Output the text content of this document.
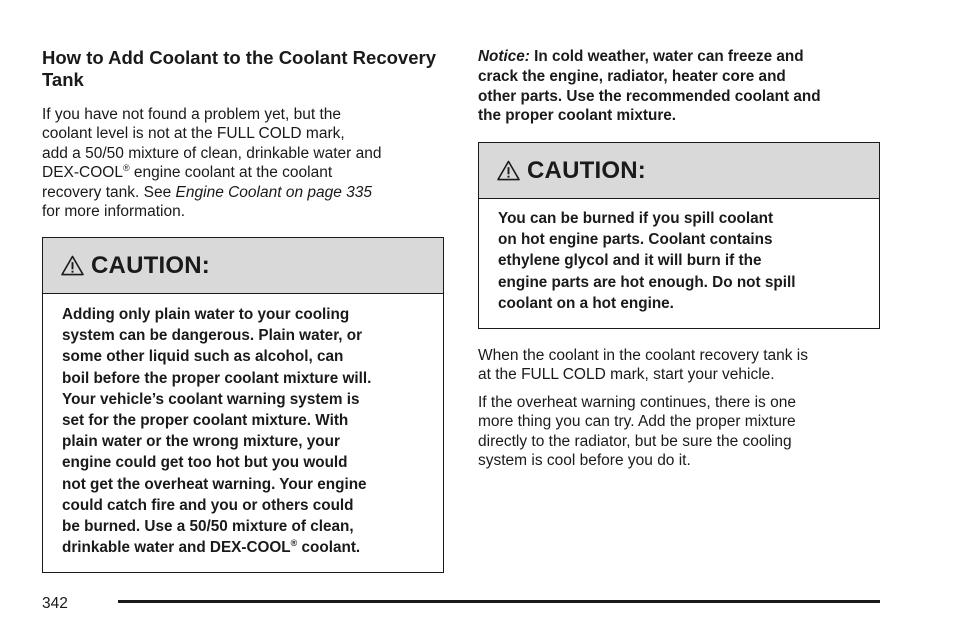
How to Add Coolant to the Coolant Recovery Tank

If you have not found a problem yet, but the
coolant level is not at the FULL COLD mark,
add a 50/50 mixture of clean, drinkable water and
DEX-COOL® engine coolant at the coolant
recovery tank. See Engine Coolant on page 335
for more information.

CAUTION:

Adding only plain water to your cooling
system can be dangerous. Plain water, or
some other liquid such as alcohol, can
boil before the proper coolant mixture will.
Your vehicle’s coolant warning system is
set for the proper coolant mixture. With
plain water or the wrong mixture, your
engine could get too hot but you would
not get the overheat warning. Your engine
could catch fire and you or others could
be burned. Use a 50/50 mixture of clean,
drinkable water and DEX-COOL® coolant.

Notice: In cold weather, water can freeze and
crack the engine, radiator, heater core and
other parts. Use the recommended coolant and
the proper coolant mixture.

CAUTION:

You can be burned if you spill coolant
on hot engine parts. Coolant contains
ethylene glycol and it will burn if the
engine parts are hot enough. Do not spill
coolant on a hot engine.

When the coolant in the coolant recovery tank is
at the FULL COLD mark, start your vehicle.

If the overheat warning continues, there is one
more thing you can try. Add the proper mixture
directly to the radiator, but be sure the cooling
system is cool before you do it.

342
